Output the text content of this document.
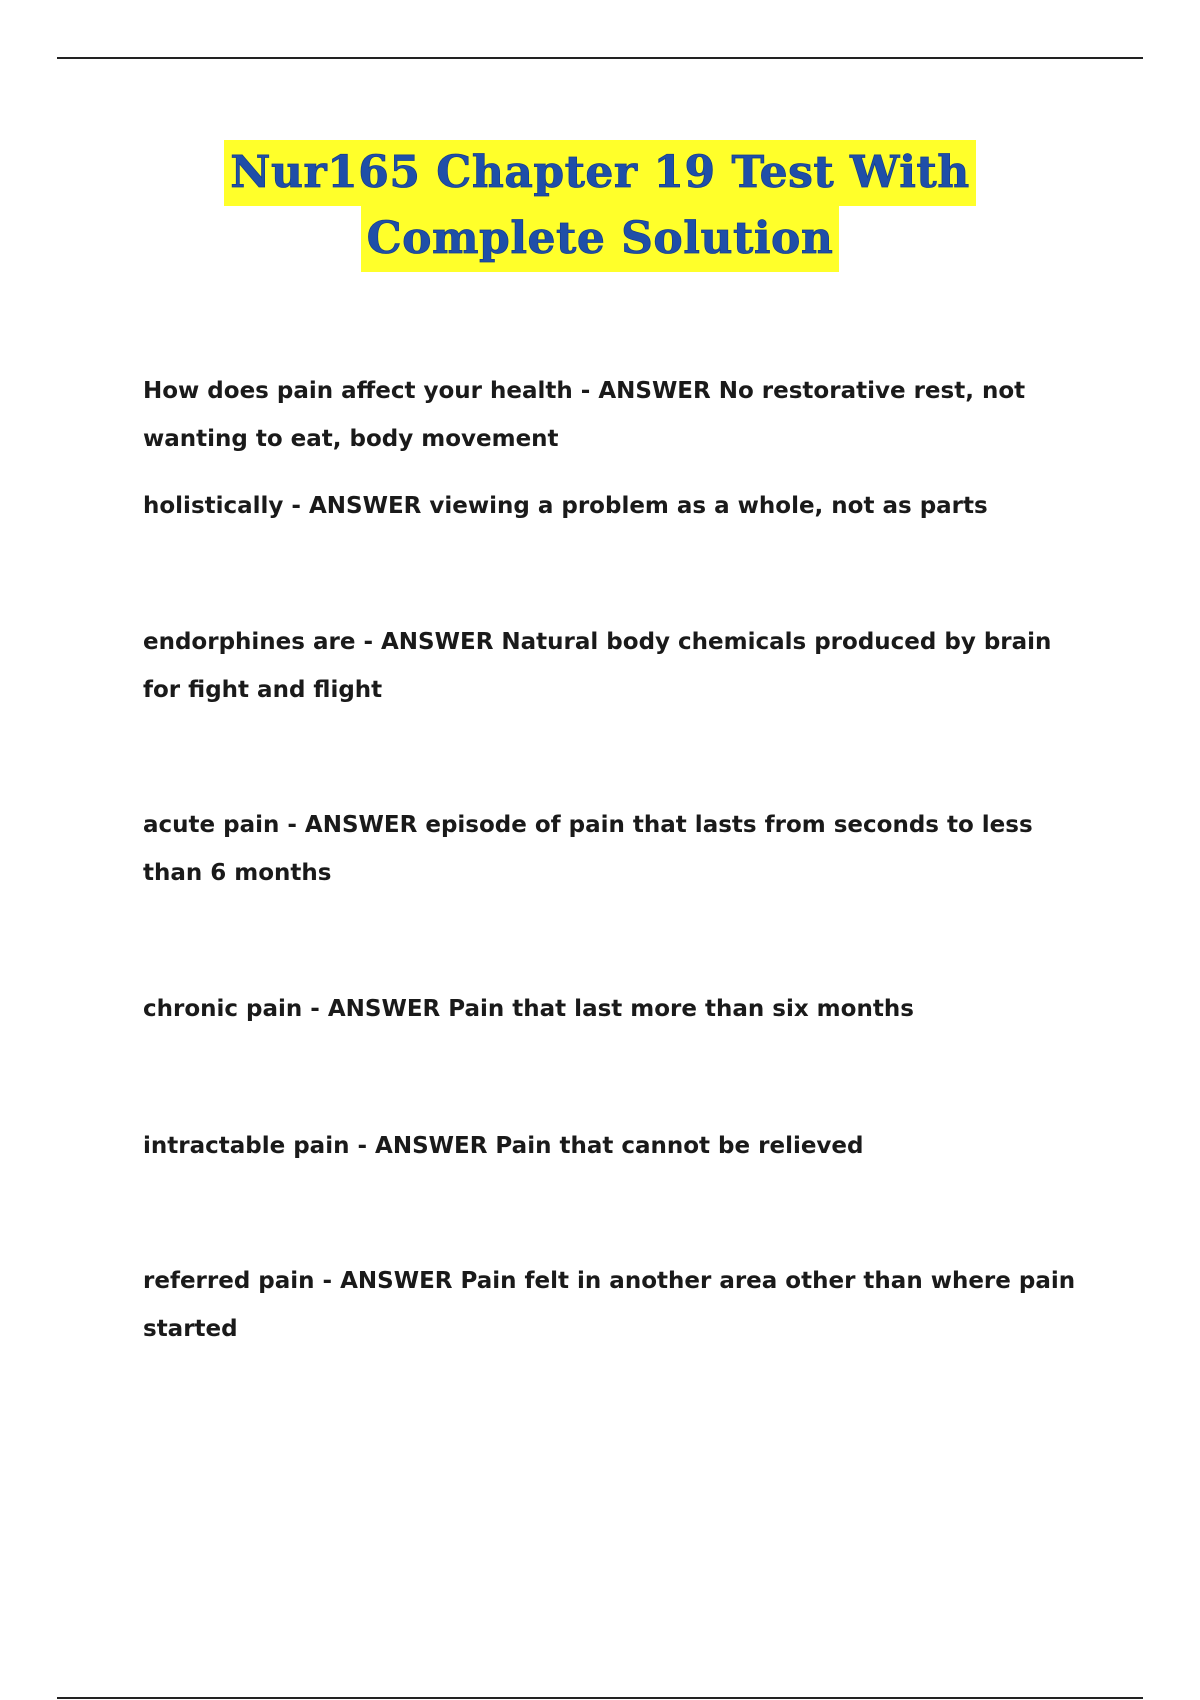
Nur165 Chapter 19 Test With
Complete Solution

How does pain affect your health - ANSWER No restorative rest, not wanting to eat, body movement

holistically - ANSWER viewing a problem as a whole, not as parts

endorphines are - ANSWER Natural body chemicals produced by brain for fight and flight

acute pain - ANSWER episode of pain that lasts from seconds to less than 6 months

chronic pain - ANSWER Pain that last more than six months

intractable pain - ANSWER Pain that cannot be relieved

referred pain - ANSWER Pain felt in another area other than where pain started
